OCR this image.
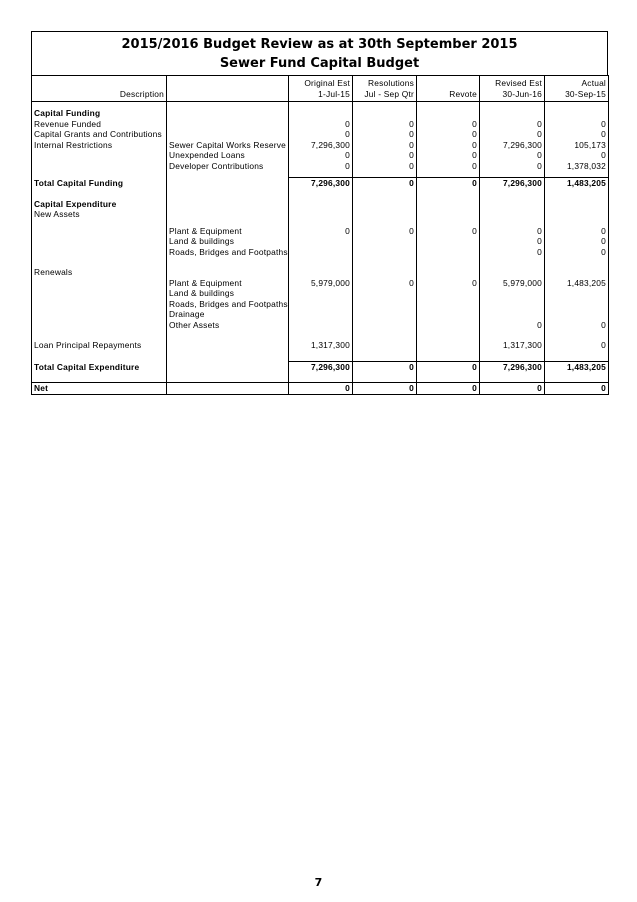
2015/2016 Budget Review as at 30th September 2015
Sewer Fund Capital Budget
		Original Est	Resolutions		Revised Est	Actual
Description		1-Jul-15	Jul - Sep Qtr	Revote	30-Jun-16	30-Sep-15

Capital Funding						
Revenue Funded		0	0	0	0	0
Capital Grants and Contributions		0	0	0	0	0
Internal Restrictions	Sewer Capital Works Reserve	7,296,300	0	0	7,296,300	105,173
	Unexpended Loans	0	0	0	0	0
	Developer Contributions	0	0	0	0	1,378,032

Total Capital Funding		7,296,300	0	0	7,296,300	1,483,205

Capital Expenditure						
New Assets						

	Plant & Equipment	0	0	0	0	0
	Land & buildings				0	0
	Roads, Bridges and Footpaths				0	0

Renewals						
	Plant & Equipment	5,979,000	0	0	5,979,000	1,483,205
	Land & buildings					
	Roads, Bridges and Footpaths					
	Drainage					
	Other Assets				0	0

Loan Principal Repayments		1,317,300			1,317,300	0

Total Capital Expenditure		7,296,300	0	0	7,296,300	1,483,205

Net		0	0	0	0	0
7
